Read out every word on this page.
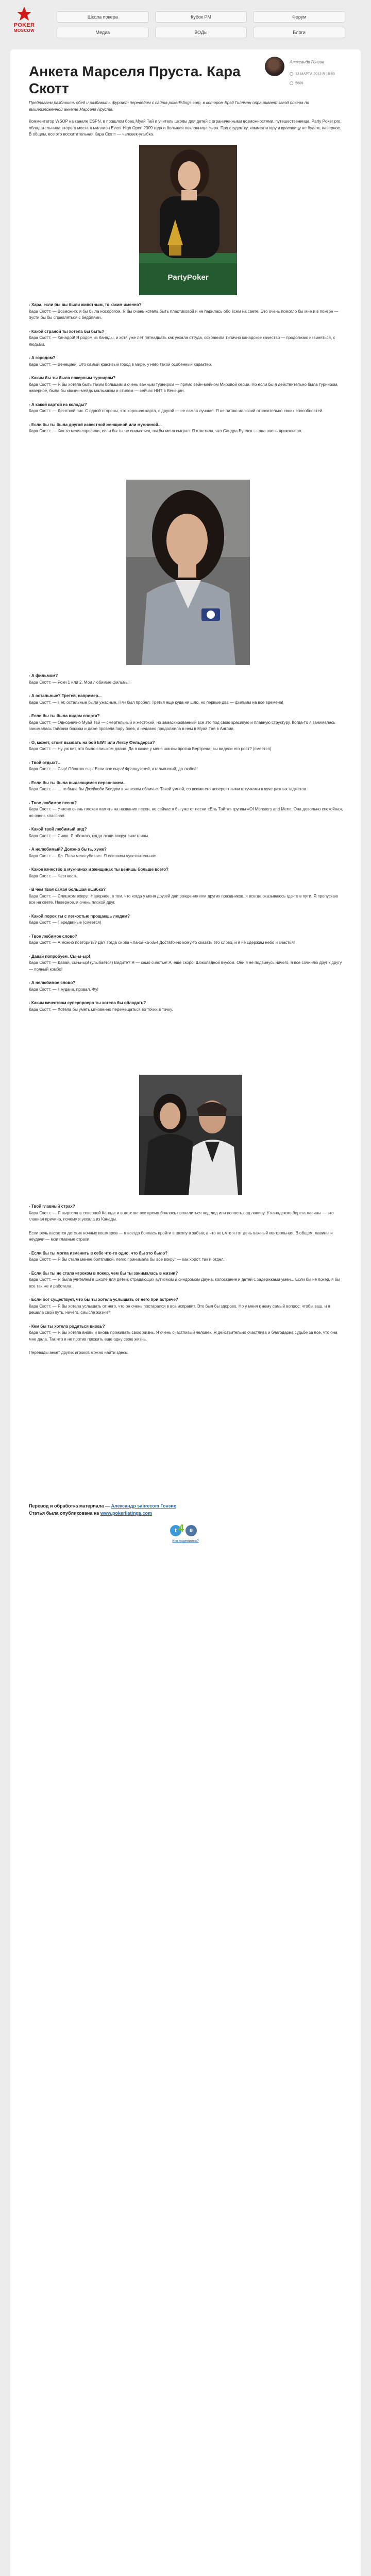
POKER
MOSCOW
Школа покера	Кубок РМ	Форум
Медиа	ВОДы	Блоги
Анкета Марселя Пруста. Кара Скотт
Александр Гонзик
13 МАРТА 2013 В 15:59
5609
Предлагаем разбавить обед и разбавить фуршет перевёдом с сайта pokerlistings.com, в котором Брэд Гиллман опрашивает звезд покера по вышеизложенной анкете Марселя Пруста.
Комментатор WSOP на канале ESPN, в прошлом боец Муай Тай и учитель школы для детей с ограниченными возможностями, путешественница, Party Poker pro, обладательница второго места в миллион Event High Open 2009 года и большая поклонница сыра. Про студентку, комментатору и красавицу не будем, наверное. В общем, все это восхитительная Кара Скотт — человек-улыбка.
PartyPoker

- Хара, если бы вы были животным, то каким именно?

Кара Скотт: — Возможно, я бы была носорогом. Я бы очень хотела быть пластиковой и не парилась обо всем на свете. Это очень помогло бы мне и в покере — пусти бы бы справляться с бедблями.

- Какой страной ты хотела бы быть?

Кара Скотт: — Канадой! Я родом из Канады, и хотя уже лет пятнадцать как уехала оттуда, сохранила типично канадское качество — продолжаю извиняться, с людьми.

- А городом?

Кара Скотт: — Венецией. Это самый красивый город в мире, у него такой особенный характер.

- Каким бы ты была покерным турниром?

Кара Скотт: — Я бы хотела быть таким большим и очень важным турниром — прямо вейн-мейном Мировой серии. Но если бы я действительно была турниром, наверное, была бы квазин-мейдь мальчиком и стилем — сейчас НИТ в Венеции.

- А какой картой из колоды?

Кара Скотт: — Десяткой пик. С одной стороны, это хорошая карта, с другой — не самая лучшая. Я не питаю иллюзий относительно своих способностей.

- Если бы ты была другой известной женщиной или мужчиной...

Кара Скотт: — Как-то меня спросили, если бы ты не сниматься, вы бы меня сыграл. Я ответила, что Сандра Буллок — она очень прикольная.

- А фильмом?

Кара Скотт: — Роки 1 или 2. Мои любимые фильмы!

- А остальные? Третей, например...

Кара Скотт: — Нет, остальные были ужасные. Пяч был пробел. Третья еще куда ни шло, но первые два — фильмы на все времена!

- Если бы ты была видом спорта?

Кара Скотт: — Однозначно Муай Тай — смертельный и жестокий, но замаскированный все это под свою красивую и плавную структуру. Когда-то я занималась занималась тайским боксом и даже провела пару боев, а недавно продолжила в нем в Муай Тая в Англии.

- О, может, стоит вызвать на бой EWT или Лексу Фельдерса?

Кара Скотт: — Ну уж нет, это было слишком давно. Да я какие у меня шансы против Бертрена, вы видели его рост? (смеется)

- Твой отдых?..

Кара Скотт: — Сыр! Обожаю сыр! Если вас сыра! Французский, итальянский, да любой!

- Если бы ты была выдающимся персонажем...

Кара Скотт: — ... то была бы Джейкоби Боидом в женском обличье. Такой умной, со всеми его невероятными штучками в куче разных гаджетов.

- Твое любимое песня?

Кара Скотт: — У меня очень плохая память на названия песен, но сейчас я бы уже от песни «Ель Тайта» группы «Of Monsters and Men». Она довольно спокойная, но очень классная.

- Какой твой любимый вид?

Кара Скотт: — Сияю. Я обожаю, когда люди вокруг счастливы.

- А нелюбимый? Должно быть, хуже?

Кара Скотт: — Да. Плач меня убивает. Я слишком чувствительная.

- Какое качество в мужчинах и женщинах ты ценишь больше всего?

Кара Скотт: — Честность.

- В чем твоя самая большая ошибка?

Кара Скотт: — Слишком вокруг. Наверное, в том, что когда у меня друзей дни рождения или других праздников, я всегда оказываюсь где-то в пути. Я пропускаю все на свете. Наверное, я очень плохой друг.

- Какой порок ты с легкостью прощаешь людям?

Кара Скотт: — Передвиные (смеется)

- Твое любимое слово?

Кара Скотт: — А можно повторить? Да? Тогда снова «Ха-ха-ха-ха»! Достаточно кому-то сказать это слово, и я не сдержим небо и счастья!

- Давай попробуем. Сы-ы-ыр!

Кара Скотт: — Давай, сы-ы-ыр! (улыбается) Видите? Я — само счастье! А, еще скоро! Шоколадной вкусом. Они я не подвинусь ничего, я все сочиняю друг к другу — полный комбо!

- А нелюбимое слово?

Кара Скотт: — Неудача, провал. Фу!

- Каким качеством суперпроеро ты хотела бы обладать?

Кара Скотт: — Хотела бы уметь мгновенно перемещаться во точки в точку.

- Твой главный страх?

Кара Скотт: — Я выросла в северной Канаде и в детстве все время боялась провалиться под лед или попасть под лавину. У канадского берега лавины — это главная причина, почему я уехала из Канады.

Если речь касается детских ночных кошмаров — я всегда боялась пройти в школу в забыв, а что нет, что я тот день важный контрольная. В общем, лавины и неудачи — мои главные страхи.

- Если бы ты могла изменить в себе что-то одно, что бы это было?

Кара Скотт: — Я бы стала менее болтливой, легко принимала бы все вокруг — как хорот, так и отдел.

- Если бы ты не стала игроком в покер, чем бы ты занималась в жизни?

Кара Скотт: — Я была учителем в школе для детей, страдающих аутизмом и синдромом Дауна, колоскание и детей с задержками умен... Если бы не покер, я бы все так же и работала.

- Если бог существует, что бы ты хотела услышать от него при встрече?

Кара Скотт: — Я бы хотела услышать от него, что он очень постарался в все исправит. Это был бы здорово. Но у меня к нему самый вопрос: чтобы ваш, и я решила свой путь, ничего, смысле жизни?

- Кем бы ты хотела родиться вновь?

Кара Скотт: — Я бы хотела вновь и вновь проживать свою жизнь. Я очень счастливый человек. Я действительно счастлива и благодарна судьбе за все, что она мне дала. Так что я не против прожить еще одну свою жизнь.

Переводы анкет других игроков можно найти здесь.

Перевод и обработка материала — Александр sabrecom Гонзик

Статья была опубликована на www.pokerlistings.com

t 4	в
Кто поделился?
